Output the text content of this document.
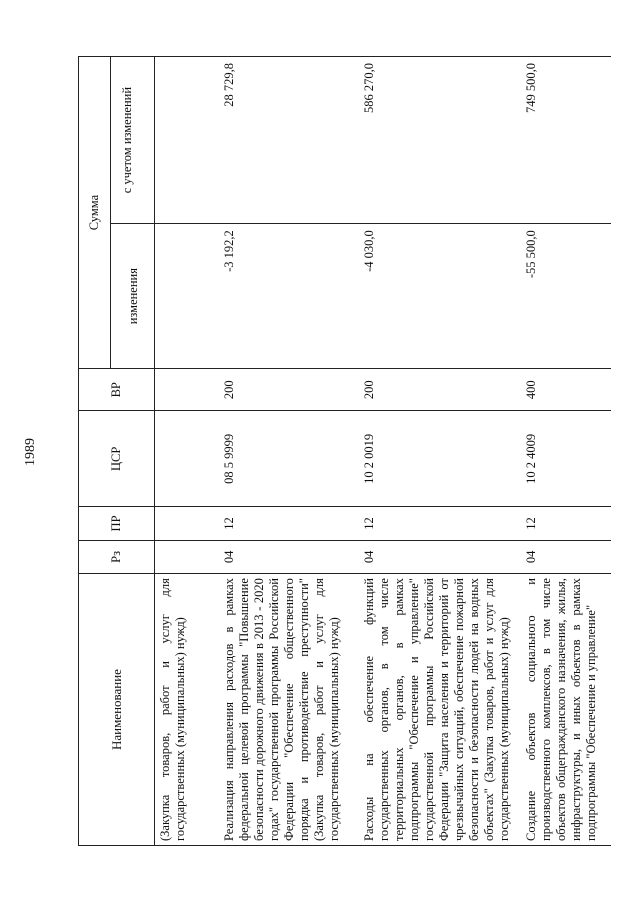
1989
Наименование	Рз	ПР	ЦСР	ВР	Сумма	
					изменения	с учетом изменений

(Закупка товаров, работ и услуг для государственных (муниципальных) нужд)						
Реализация направления расходов в рамках федеральной целевой программы "Повышение безопасности дорожного движения в 2013 - 2020 годах" государственной программы Российской Федерации "Обеспечение общественного порядка и противодействие преступности" (Закупка товаров, работ и услуг для государственных (муниципальных) нужд)	04	12	08 5 9999	200	-3 192,2	28 729,8
Расходы на обеспечение функций государственных органов, в том числе территориальных органов, в рамках подпрограммы "Обеспечение и управление" государственной программы Российской Федерации "Защита населения и территорий от чрезвычайных ситуаций, обеспечение пожарной безопасности и безопасности людей на водных объектах" (Закупка товаров, работ и услуг для государственных (муниципальных) нужд)	04	12	10 2 0019	200	-4 030,0	586 270,0
Создание объектов социального и производственного комплексов, в том числе объектов общегражданского назначения, жилья, инфраструктуры, и иных объектов в рамках подпрограммы "Обеспечение и управление"	04	12	10 2 4009	400	-55 500,0	749 500,0
